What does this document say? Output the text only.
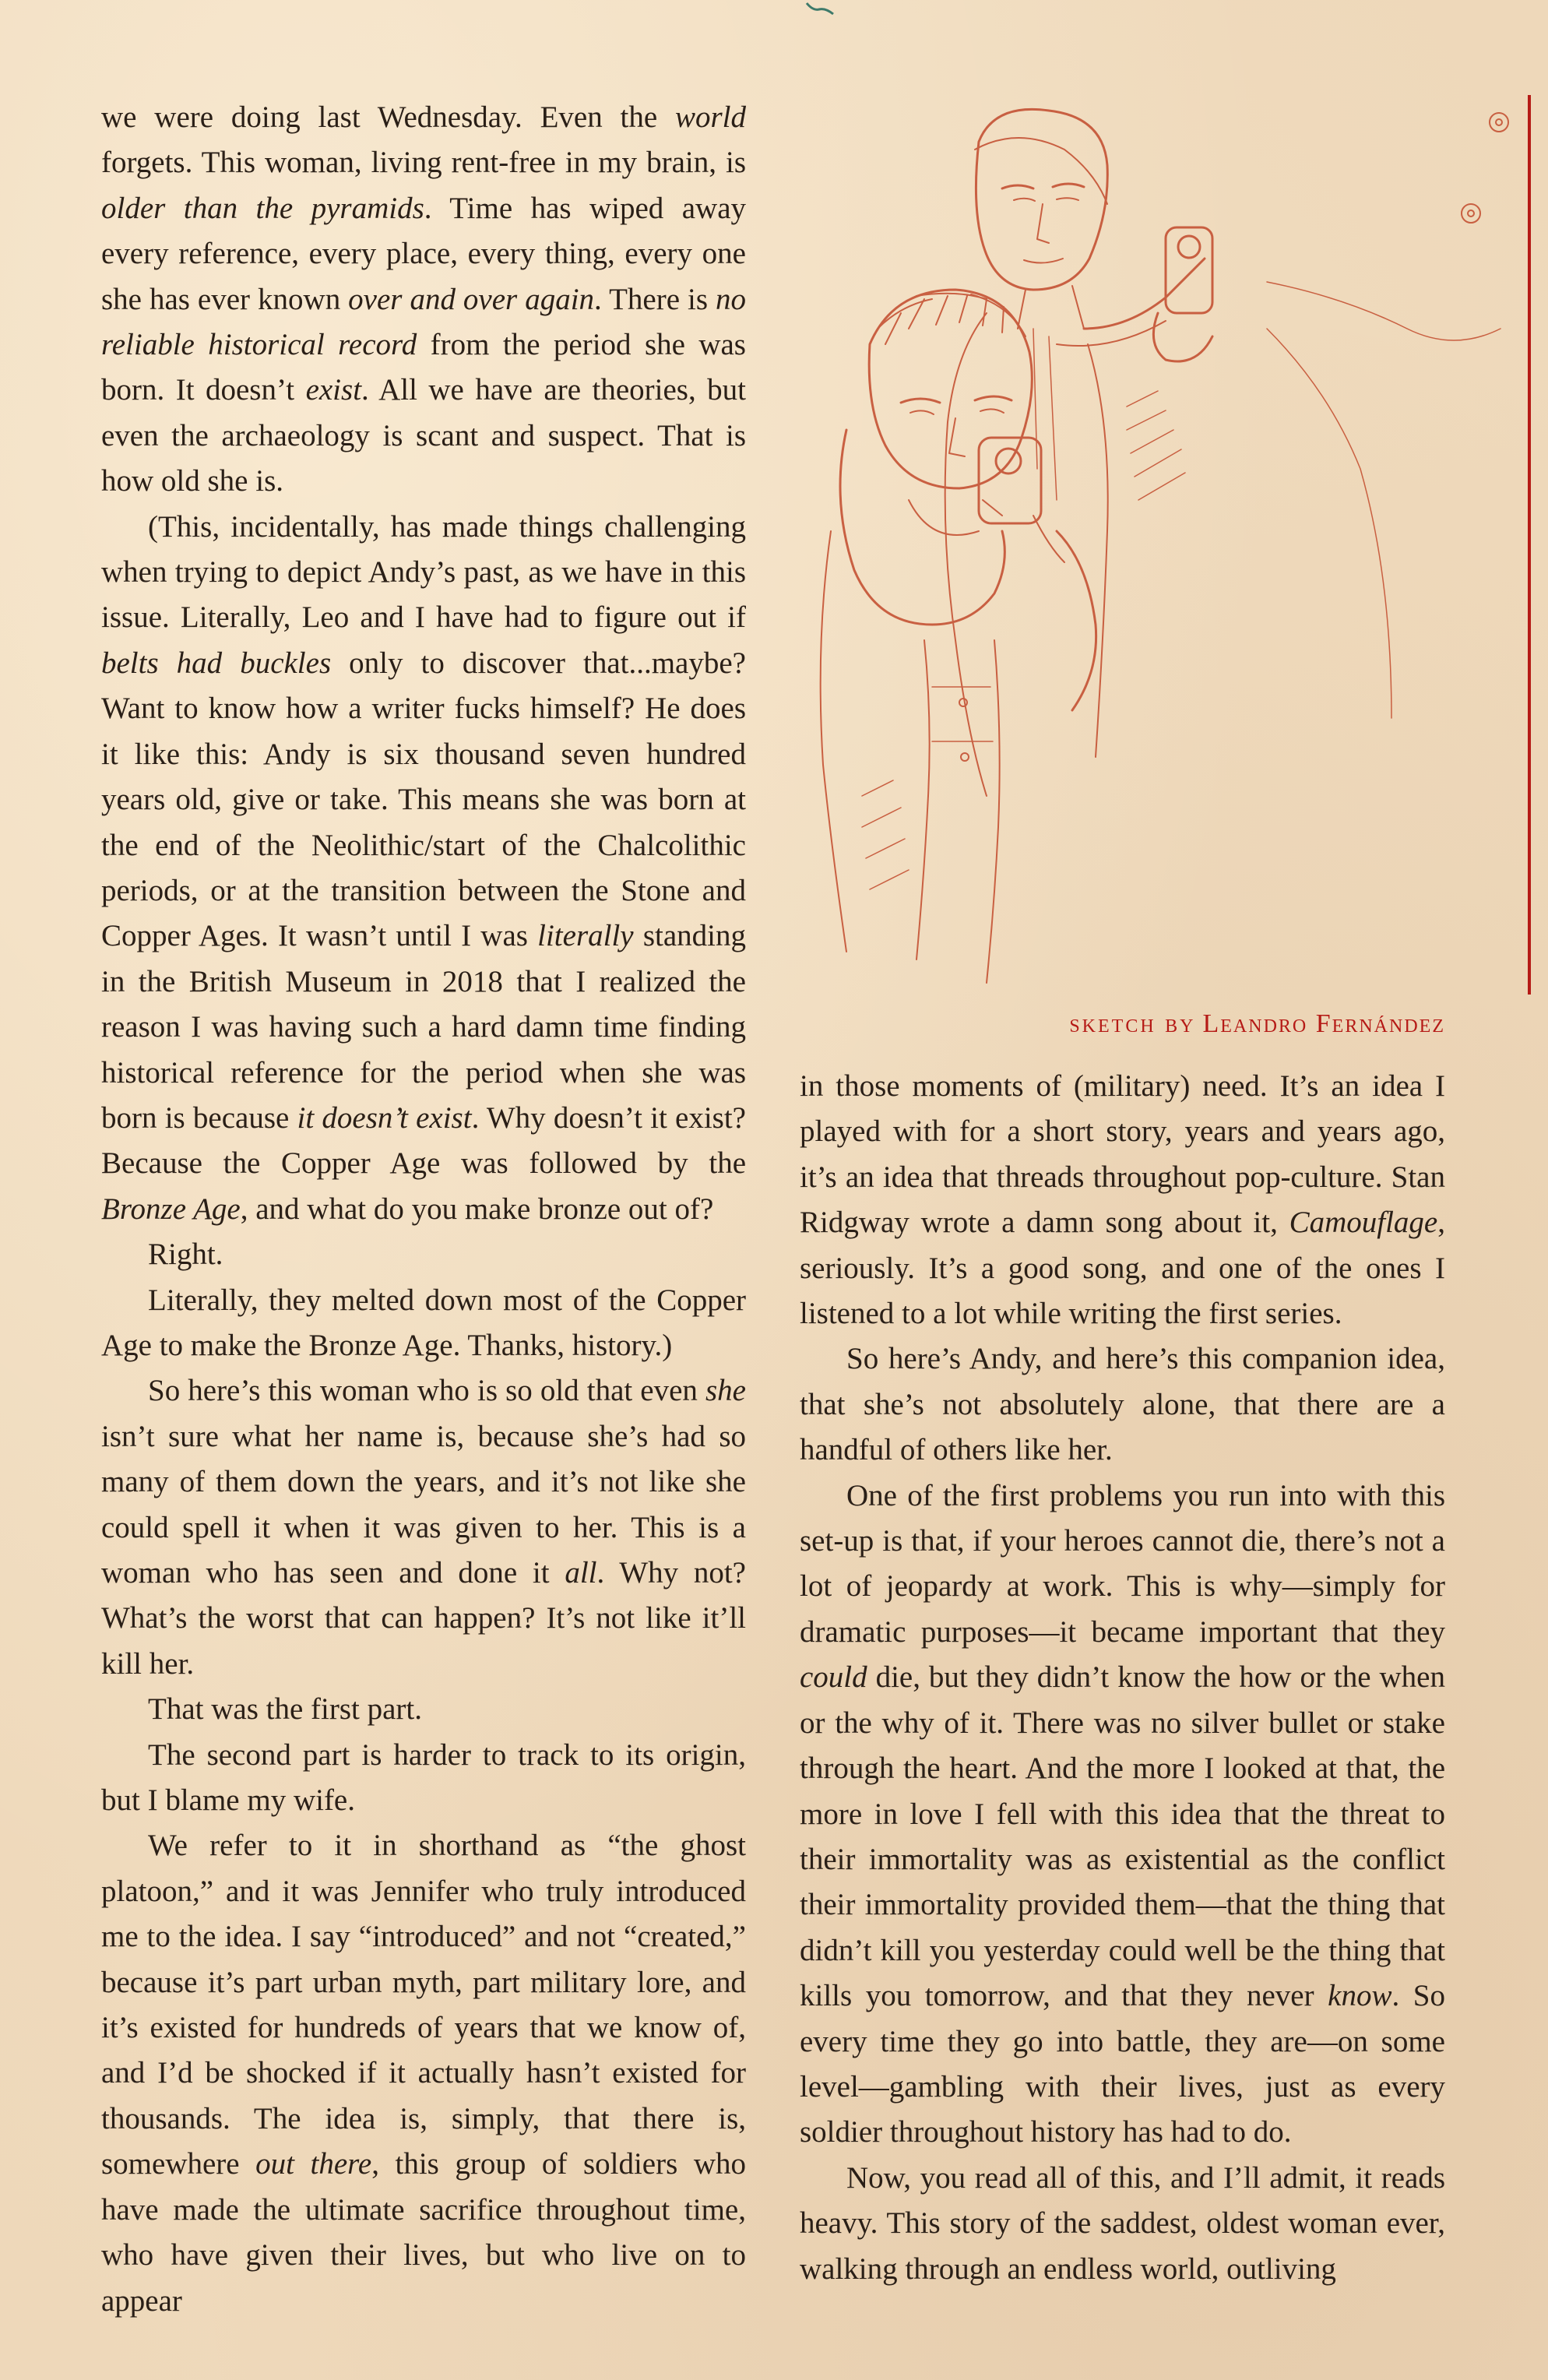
we were doing last Wednesday. Even the world forgets. This woman, living rent-free in my brain, is older than the pyramids. Time has wiped away every reference, every place, every thing, every one she has ever known over and over again. There is no reliable historical record from the period she was born. It doesn’t exist. All we have are theories, but even the archaeology is scant and suspect. That is how old she is.

(This, incidentally, has made things challenging when trying to depict Andy’s past, as we have in this issue. Literally, Leo and I have had to figure out if belts had buckles only to discover that...maybe? Want to know how a writer fucks himself? He does it like this: Andy is six thousand seven hundred years old, give or take. This means she was born at the end of the Neolithic/start of the Chalcolithic periods, or at the transition between the Stone and Copper Ages. It wasn’t until I was literally standing in the British Museum in 2018 that I realized the reason I was having such a hard damn time finding historical reference for the period when she was born is because it doesn’t exist. Why doesn’t it exist? Because the Copper Age was followed by the Bronze Age, and what do you make bronze out of?

Right.

Literally, they melted down most of the Copper Age to make the Bronze Age. Thanks, history.)

So here’s this woman who is so old that even she isn’t sure what her name is, because she’s had so many of them down the years, and it’s not like she could spell it when it was given to her. This is a woman who has seen and done it all. Why not? What’s the worst that can happen? It’s not like it’ll kill her.

That was the first part.

The second part is harder to track to its origin, but I blame my wife.

We refer to it in shorthand as “the ghost platoon,” and it was Jennifer who truly introduced me to the idea. I say “introduced” and not “created,” because it’s part urban myth, part military lore, and it’s existed for hundreds of years that we know of, and I’d be shocked if it actually hasn’t existed for thousands. The idea is, simply, that there is, somewhere out there, this group of soldiers who have made the ultimate sacrifice throughout time, who have given their lives, but who live on to appear

sketch by Leandro Fernández

in those moments of (military) need. It’s an idea I played with for a short story, years and years ago, it’s an idea that threads throughout pop-culture. Stan Ridgway wrote a damn song about it, Camouflage, seriously. It’s a good song, and one of the ones I listened to a lot while writing the first series.

So here’s Andy, and here’s this companion idea, that she’s not absolutely alone, that there are a handful of others like her.

One of the first problems you run into with this set-up is that, if your heroes cannot die, there’s not a lot of jeopardy at work. This is why—simply for dramatic purposes—it became important that they could die, but they didn’t know the how or the when or the why of it. There was no silver bullet or stake through the heart. And the more I looked at that, the more in love I fell with this idea that the threat to their immortality was as existential as the conflict their immortality provided them—that the thing that didn’t kill you yesterday could well be the thing that kills you tomorrow, and that they never know. So every time they go into battle, they are—on some level—gambling with their lives, just as every soldier throughout history has had to do.

Now, you read all of this, and I’ll admit, it reads heavy. This story of the saddest, oldest woman ever, walking through an endless world, outliving
